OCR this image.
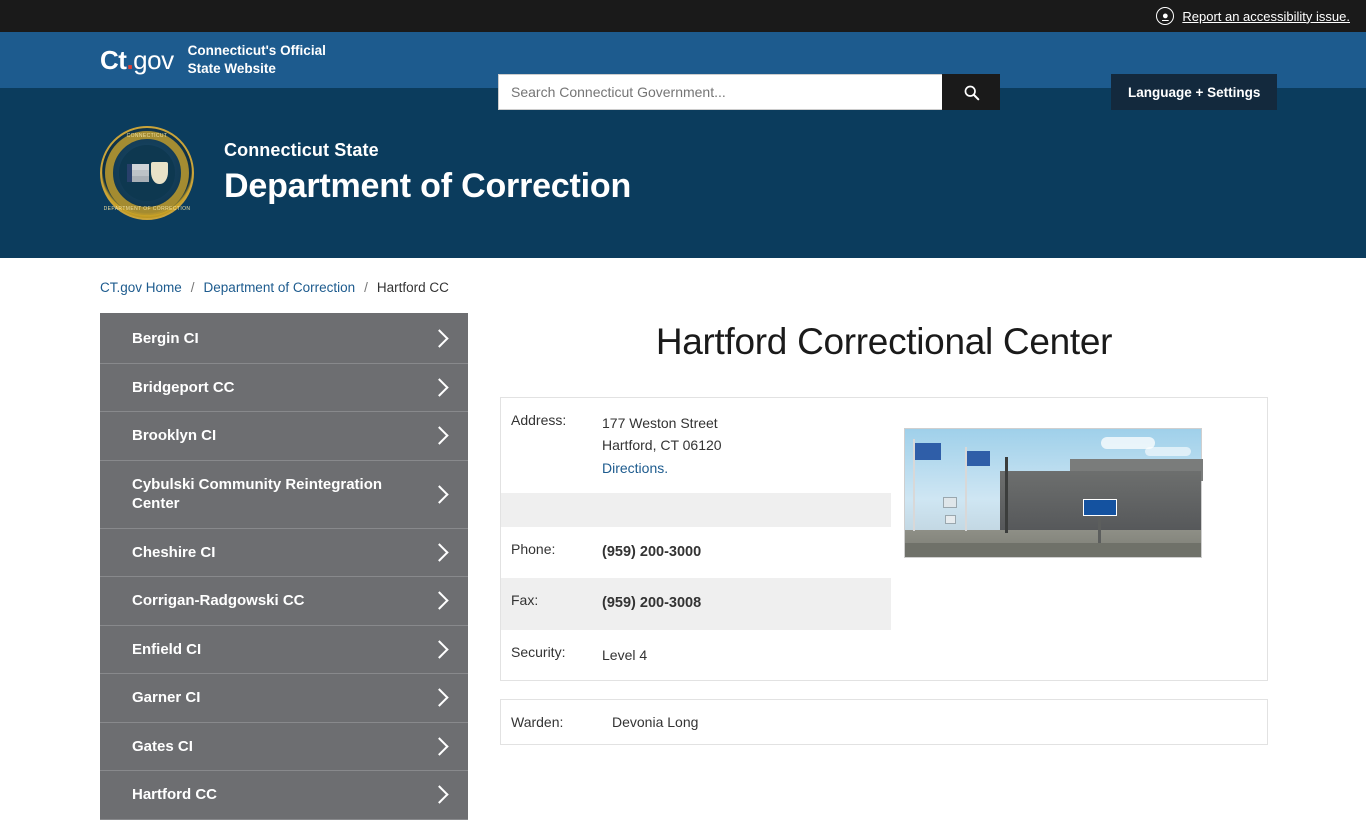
●	Report an accessibility issue.
Ct . gov Connecticut's Official
State Website
Search Connecticut Government...
Language + Settings
CONNECTICUT
DEPARTMENT OF CORRECTION
Connecticut State
Department of Correction
CT.gov Home / Department of Correction / Hartford CC
Bergin CI
Bridgeport CC
Brooklyn CI
Cybulski Community Reintegration Center
Cheshire CI
Corrigan-Radgowski CC
Enfield CI
Garner CI
Gates CI
Hartford CC
Hartford Correctional Center
Address:	177 Weston Street
Hartford, CT 06120
Directions.
Phone:	(959) 200-3000
Fax:	(959) 200-3008
Security:	Level 4
Warden:	Devonia Long
